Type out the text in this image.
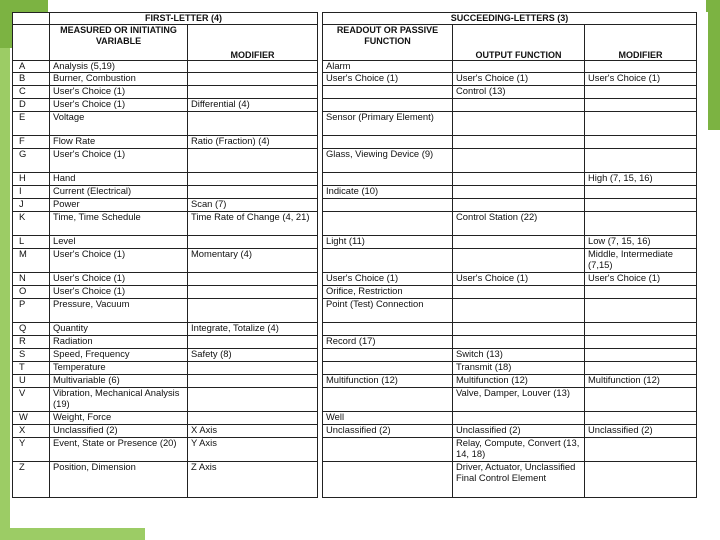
	FIRST-LETTER (4)			SUCCEEDING-LETTERS (3)		
	MEASURED OR INITIATING VARIABLE	MODIFIER		READOUT OR PASSIVE FUNCTION	OUTPUT FUNCTION	MODIFIER
A	Analysis (5,19)			Alarm		
B	Burner, Combustion			User's Choice (1)	User's Choice (1)	User's Choice (1)
C	User's Choice (1)				Control (13)	
D	User's Choice (1)	Differential (4)				
E	Voltage			Sensor (Primary Element)		
F	Flow Rate	Ratio (Fraction) (4)				
G	User's Choice (1)			Glass, Viewing Device (9)		
H	Hand					High (7, 15, 16)
I	Current (Electrical)			Indicate (10)		
J	Power	Scan (7)				
K	Time, Time Schedule	Time Rate of Change (4, 21)			Control Station (22)	
L	Level			Light (11)		Low (7, 15, 16)
M	User's Choice (1)	Momentary (4)				Middle, Intermediate (7,15)
N	User's Choice (1)			User's Choice (1)	User's Choice (1)	User's Choice (1)
O	User's Choice (1)			Orifice, Restriction		
P	Pressure, Vacuum			Point (Test) Connection		
Q	Quantity	Integrate, Totalize (4)				
R	Radiation			Record (17)		
S	Speed, Frequency	Safety (8)			Switch (13)	
T	Temperature				Transmit (18)	
U	Multivariable (6)			Multifunction (12)	Multifunction (12)	Multifunction (12)
V	Vibration, Mechanical Analysis (19)				Valve, Damper, Louver (13)	
W	Weight, Force			Well		
X	Unclassified (2)	X Axis		Unclassified (2)	Unclassified (2)	Unclassified (2)
Y	Event, State or Presence (20)	Y Axis			Relay, Compute, Convert (13, 14, 18)	
Z	Position, Dimension	Z Axis			Driver, Actuator, Unclassified Final Control Element	
